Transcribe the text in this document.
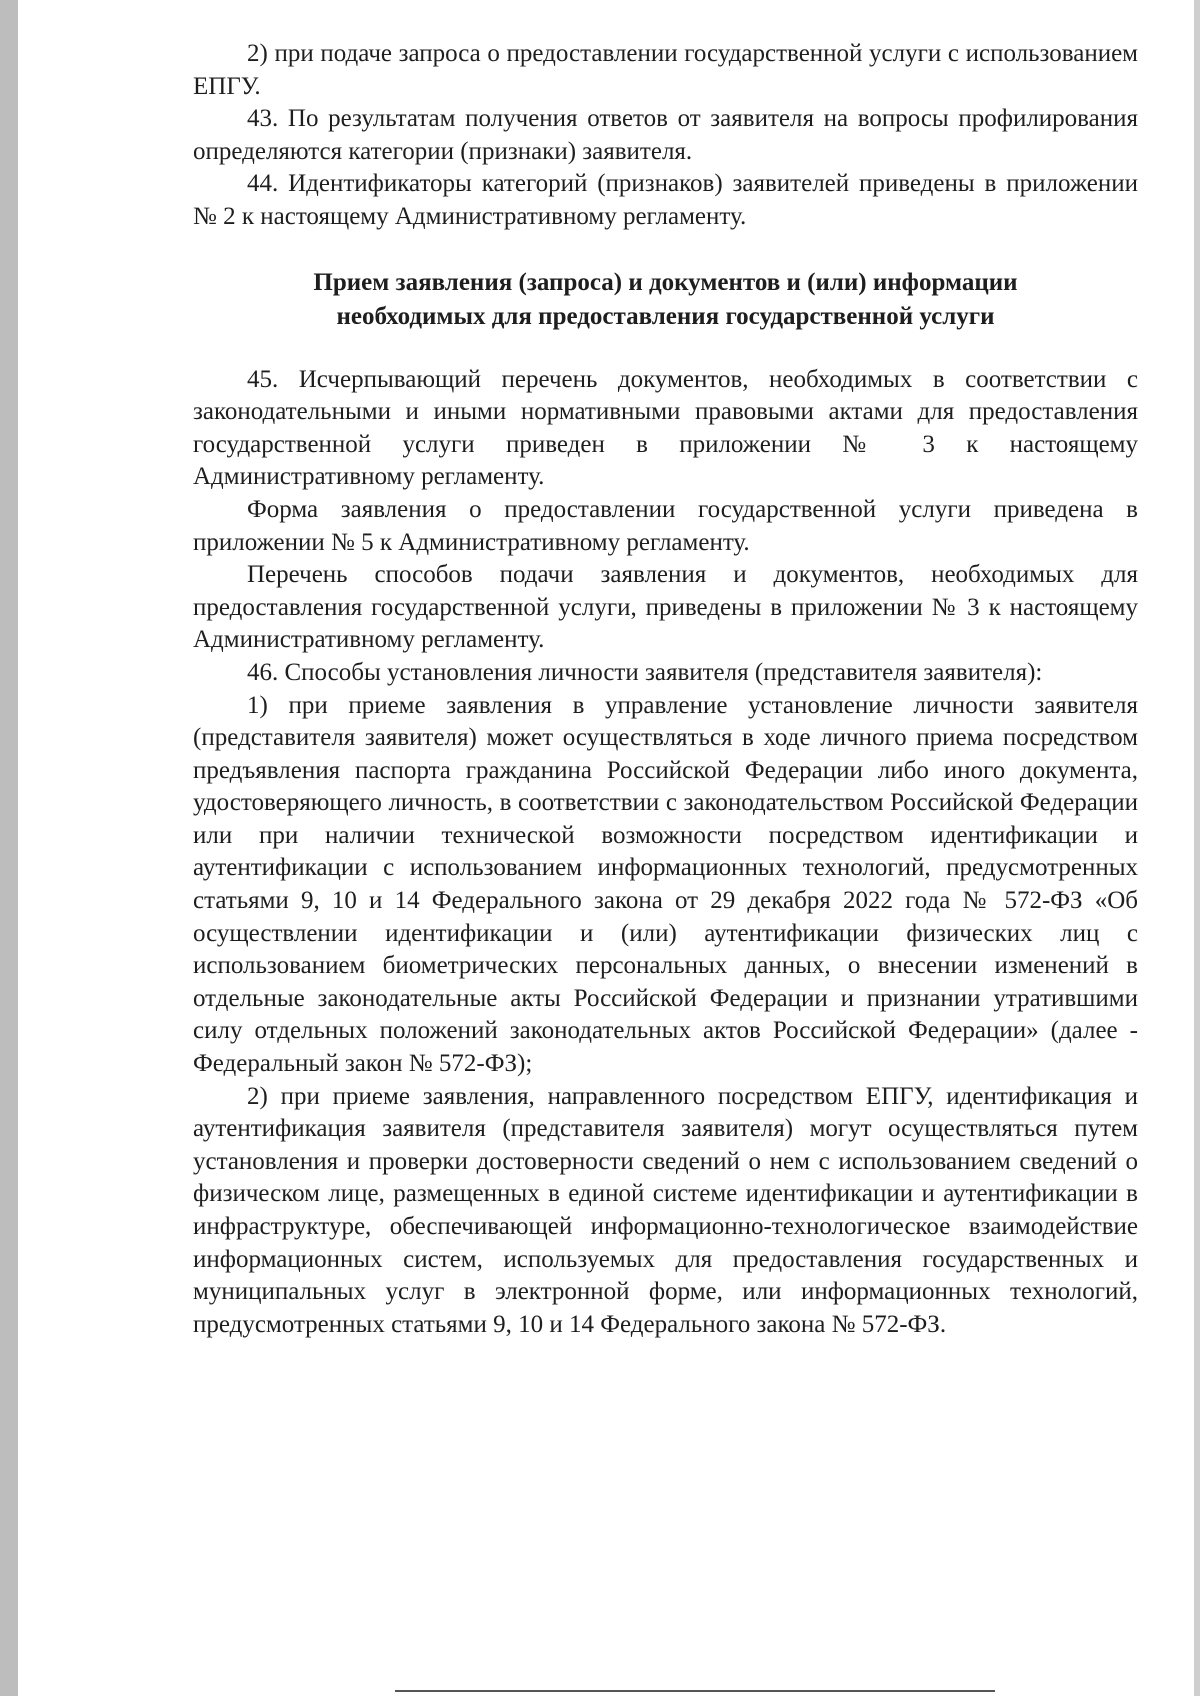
2) при подаче запроса о предоставлении государственной услуги с использованием ЕПГУ.

43. По результатам получения ответов от заявителя на вопросы профилирования определяются категории (признаки) заявителя.

44. Идентификаторы категорий (признаков) заявителей приведены в приложении № 2 к настоящему Административному регламенту.

Прием заявления (запроса) и документов и (или) информации
необходимых для предоставления государственной услуги

45. Исчерпывающий перечень документов, необходимых в соответствии с законодательными и иными нормативными правовыми актами для предоставления государственной услуги приведен в приложении № 3 к настоящему Административному регламенту.

Форма заявления о предоставлении государственной услуги приведена в приложении № 5 к Административному регламенту.

Перечень способов подачи заявления и документов, необходимых для предоставления государственной услуги, приведены в приложении № 3 к настоящему Административному регламенту.

46. Способы установления личности заявителя (представителя заявителя):

1) при приеме заявления в управление установление личности заявителя (представителя заявителя) может осуществляться в ходе личного приема посредством предъявления паспорта гражданина Российской Федерации либо иного документа, удостоверяющего личность, в соответствии с законодательством Российской Федерации или при наличии технической возможности посредством идентификации и аутентификации с использованием информационных технологий, предусмотренных статьями 9, 10 и 14 Федерального закона от 29 декабря 2022 года № 572-ФЗ «Об осуществлении идентификации и (или) аутентификации физических лиц с использованием биометрических персональных данных, о внесении изменений в отдельные законодательные акты Российской Федерации и признании утратившими силу отдельных положений законодательных актов Российской Федерации» (далее - Федеральный закон № 572-ФЗ);

2) при приеме заявления, направленного посредством ЕПГУ, идентификация и аутентификация заявителя (представителя заявителя) могут осуществляться путем установления и проверки достоверности сведений о нем с использованием сведений о физическом лице, размещенных в единой системе идентификации и аутентификации в инфраструктуре, обеспечивающей информационно-технологическое взаимодействие информационных систем, используемых для предоставления государственных и муниципальных услуг в электронной форме, или информационных технологий, предусмотренных статьями 9, 10 и 14 Федерального закона № 572-ФЗ.
